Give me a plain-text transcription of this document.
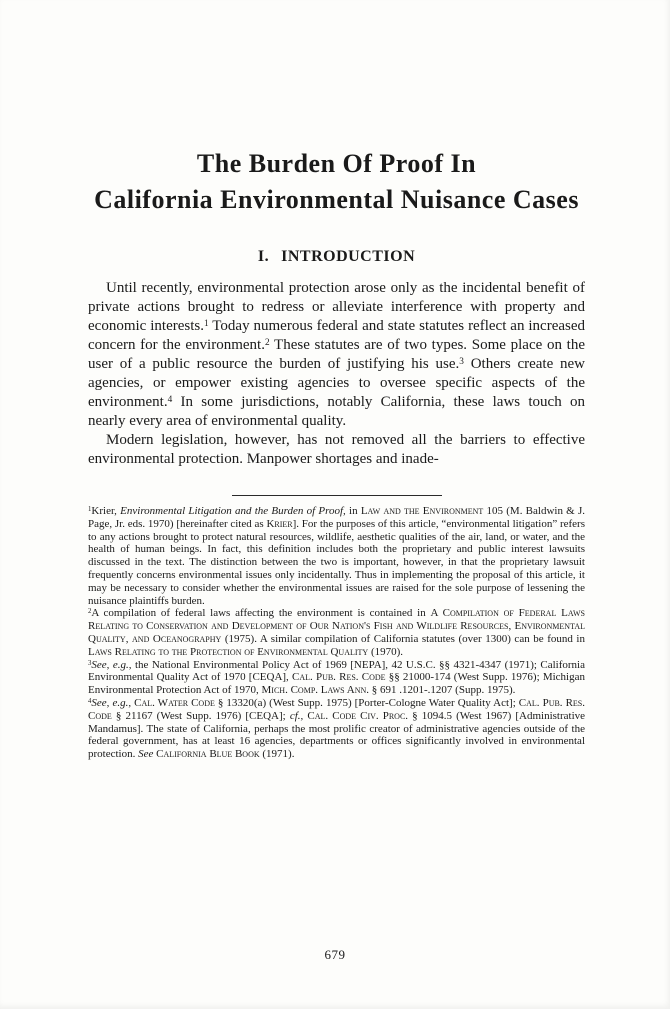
The Burden Of Proof In
California Environmental Nuisance Cases
I. INTRODUCTION

Until recently, environmental protection arose only as the incidental benefit of private actions brought to redress or alleviate interference with property and economic interests.$^1$ Today numerous federal and state statutes reflect an increased concern for the environment.$^2$ These statutes are of two types. Some place on the user of a public resource the burden of justifying his use.$^3$ Others create new agencies, or empower existing agencies to oversee specific aspects of the environment.$^4$ In some jurisdictions, notably California, these laws touch on nearly every area of environmental quality.

Modern legislation, however, has not removed all the barriers to effective environmental protection. Manpower shortages and inade-

$^1$Krier, Environmental Litigation and the Burden of Proof, in Law and the Environment 105 (M. Baldwin & J. Page, Jr. eds. 1970) [hereinafter cited as Krier]. For the purposes of this article, “environmental litigation” refers to any actions brought to protect natural resources, wildlife, aesthetic qualities of the air, land, or water, and the health of human beings. In fact, this definition includes both the proprietary and public interest lawsuits discussed in the text. The distinction between the two is important, however, in that the proprietary lawsuit frequently concerns environmental issues only incidentally. Thus in implementing the proposal of this article, it may be necessary to consider whether the environmental issues are raised for the sole purpose of lessening the nuisance plaintiffs burden.

$^2$A compilation of federal laws affecting the environment is contained in A Compilation of Federal Laws Relating to Conservation and Development of Our Nation's Fish and Wildlife Resources, Environmental Quality, and Oceanography (1975). A similar compilation of California statutes (over 1300) can be found in Laws Relating to the Protection of Environmental Quality (1970).

$^3$See, e.g., the National Environmental Policy Act of 1969 [NEPA], 42 U.S.C. §§ 4321-4347 (1971); California Environmental Quality Act of 1970 [CEQA], Cal. Pub. Res. Code §§ 21000-174 (West Supp. 1976); Michigan Environmental Protection Act of 1970, Mich. Comp. Laws Ann. § 691 .1201-.1207 (Supp. 1975).

$^4$See, e.g., Cal. Water Code § 13320(a) (West Supp. 1975) [Porter-Cologne Water Quality Act]; Cal. Pub. Res. Code § 21167 (West Supp. 1976) [CEQA]; cf., Cal. Code Civ. Proc. § 1094.5 (West 1967) [Administrative Mandamus]. The state of California, perhaps the most prolific creator of administrative agencies outside of the federal government, has at least 16 agencies, departments or offices significantly involved in environmental protection. See California Blue Book (1971).

679
